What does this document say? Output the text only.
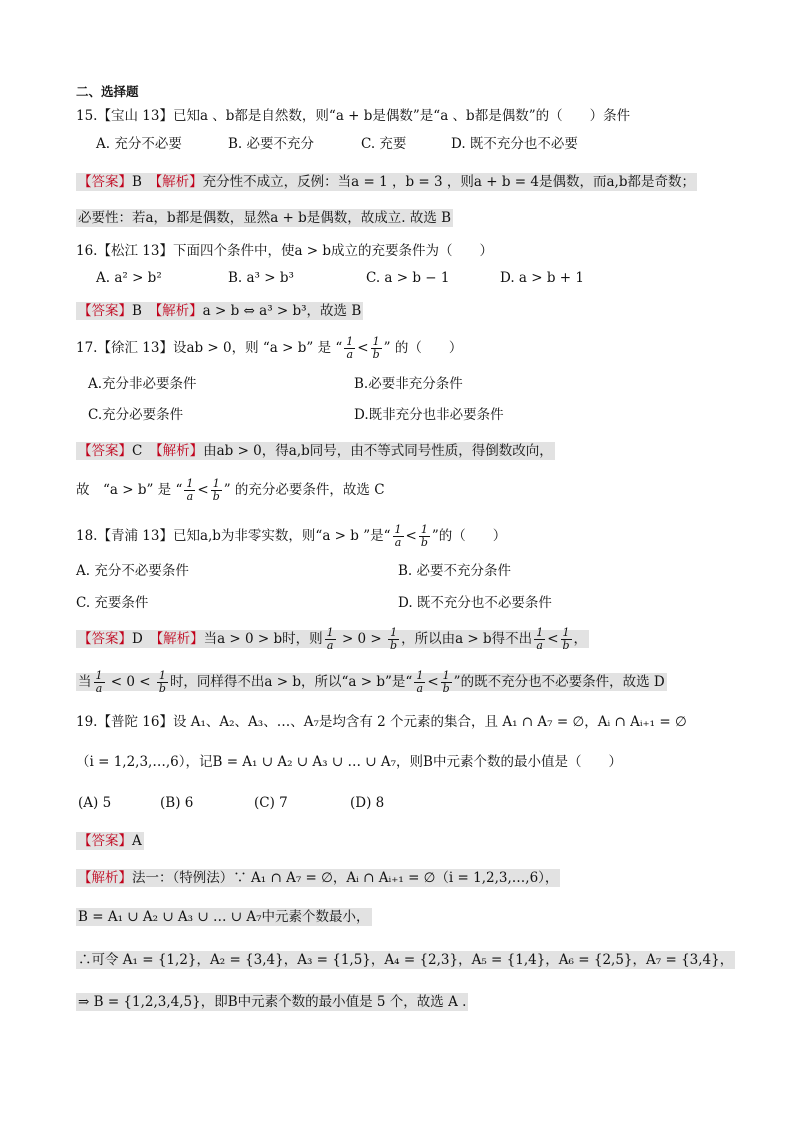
二、选择题
15.【宝山 13】已知a 、b都是自然数，则“a + b是偶数”是“a 、b都是偶数”的（　　）条件
A. 充分不必要	B. 必要不充分	C. 充要	D. 既不充分也不必要
【答案】B　 【解析】充分性不成立，反例：当a = 1 ，b = 3 ，则a + b = 4是偶数，而a,b都是奇数；
必要性：若a，b都是偶数，显然a + b是偶数，故成立. 故选 B
16.【松江 13】下面四个条件中，使a > b成立的充要条件为（　　）
A. a² > b²	B. a³ > b³	C. a > b − 1	D. a > b + 1
【答案】B　 【解析】a > b ⇔ a³ > b³，故选 B
17.【徐汇 13】设ab > 0，则 “a > b” 是 “ $\frac{1}{a} < \frac{1}{b}$ ” 的（　　）
A.充分非必要条件	B.必要非充分条件
C.充分必要条件	D.既非充分也非必要条件
【答案】C　 【解析】由ab > 0，得a,b同号，由不等式同号性质，得倒数改向，
故　“a > b” 是 “ $\frac{1}{a} < \frac{1}{b}$ ” 的充分必要条件，故选 C
18.【青浦 13】已知a,b为非零实数，则“a > b ”是“ $\frac{1}{a} < \frac{1}{b}$ ”的（　　）
A. 充分不必要条件	B. 必要不充分条件
C. 充要条件	D. 既不充分也不必要条件
【答案】D　 【解析】当a > 0 > b时，则 $\frac{1}{a} > 0 > \frac{1}{b}$ ，所以由a > b得不出 $\frac{1}{a} < \frac{1}{b}$ ，
当 $\frac{1}{a} < 0 < \frac{1}{b}$ 时，同样得不出a > b，所以“a > b”是“ $\frac{1}{a} < \frac{1}{b}$ ”的既不充分也不必要条件，故选 D
19.【普陀 16】设 A₁、A₂、A₃、…、A₇是均含有 2 个元素的集合，且 A₁ ∩ A₇ = ∅，Aᵢ ∩ Aᵢ₊₁ = ∅
（i = 1,2,3,…,6），记B = A₁ ∪ A₂ ∪ A₃ ∪ … ∪ A₇，则B中元素个数的最小值是（　　）
(A) 5	(B) 6	(C) 7	(D) 8
【答案】A
【解析】法一：（特例法）∵ A₁ ∩ A₇ = ∅，Aᵢ ∩ Aᵢ₊₁ = ∅（i = 1,2,3,…,6），
B = A₁ ∪ A₂ ∪ A₃ ∪ … ∪ A₇中元素个数最小，
∴可令 A₁ = {1,2}，A₂ = {3,4}，A₃ = {1,5}，A₄ = {2,3}，A₅ = {1,4}，A₆ = {2,5}，A₇ = {3,4}，
⇒ B = {1,2,3,4,5}，即B中元素个数的最小值是 5 个，故选 A .
